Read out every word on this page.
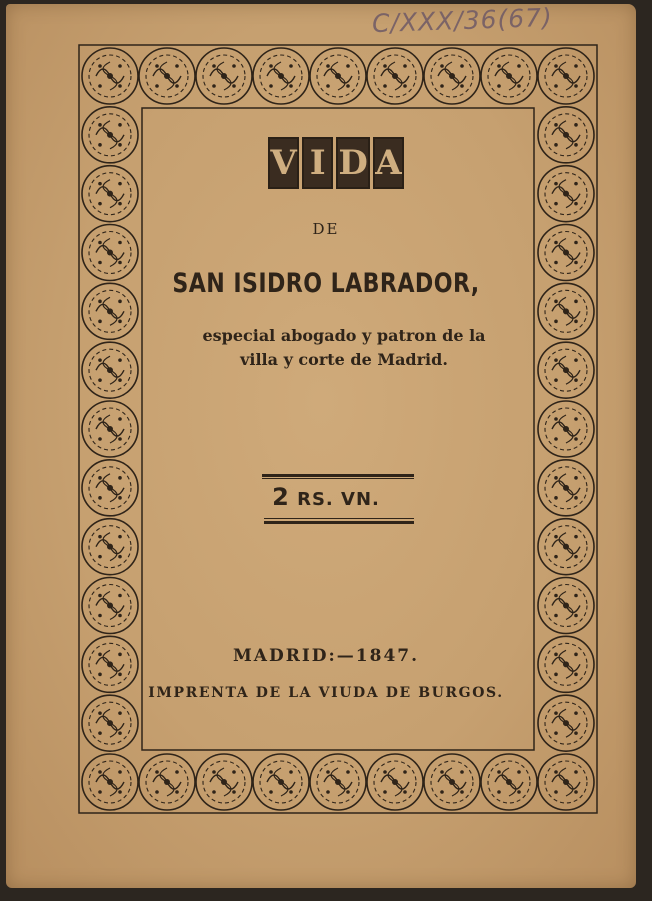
C/XXX/36(67)
V I D A
DE
SAN ISIDRO LABRADOR,
especial abogado y patron de la
villa y corte de Madrid.
2 RS. VN.
MADRID:—1847.
IMPRENTA DE LA VIUDA DE BURGOS.
